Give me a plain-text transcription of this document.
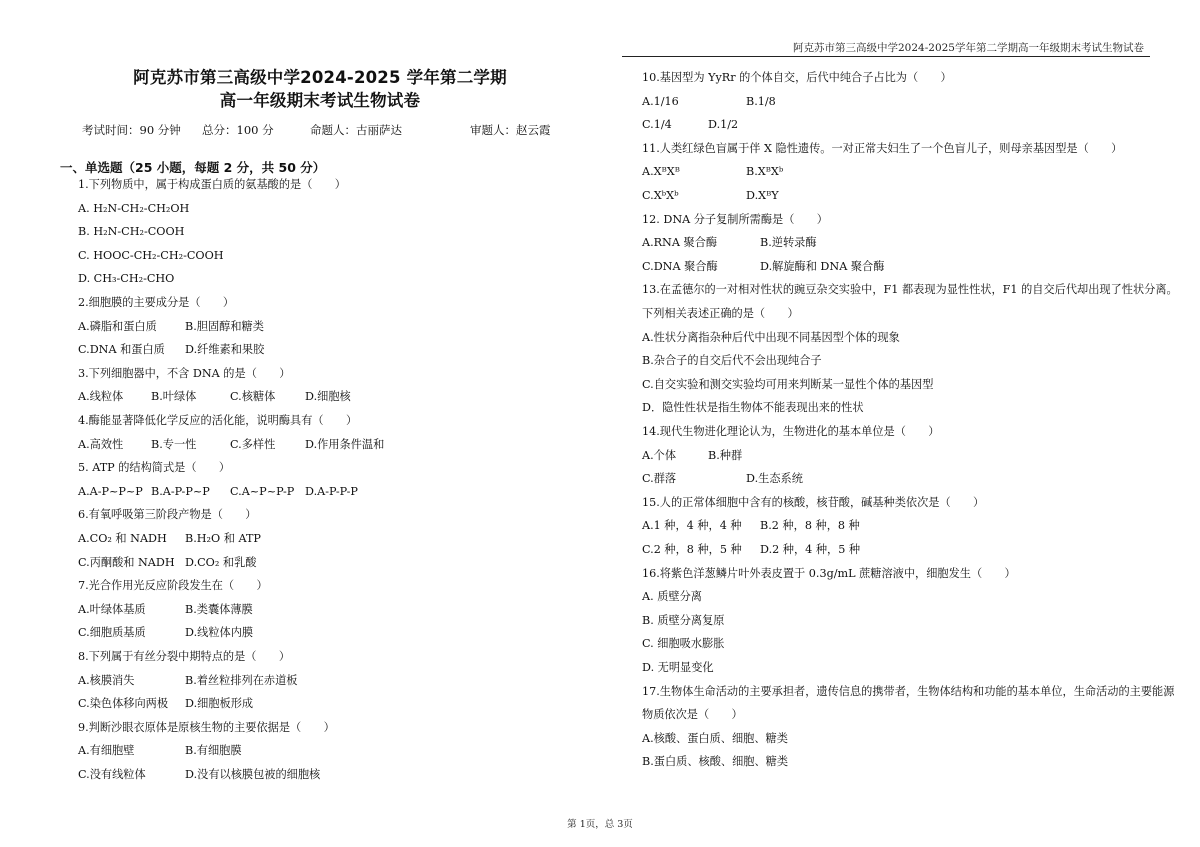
阿克苏市第三高级中学2024-2025学年第二学期高一年级期末考试生物试卷
阿克苏市第三高级中学2024-2025 学年第二学期
高一年级期末考试生物试卷
考试时间：90 分钟 总分：100 分	命题人：古丽萨达	审题人：赵云霞
一、单选题（25 小题，每题 2 分，共 50 分）
1.下列物质中，属于构成蛋白质的氨基酸的是（　　）
A. H₂N-CH₂-CH₂OH
B. H₂N-CH₂-COOH
C. HOOC-CH₂-CH₂-COOH
D. CH₃-CH₂-CHO
2.细胞膜的主要成分是（　　）
A.磷脂和蛋白质	B.胆固醇和糖类
C.DNA 和蛋白质 D.纤维素和果胶
3.下列细胞器中，不含 DNA 的是（　　）
A.线粒体 B.叶绿体	C.核糖体	D.细胞核
4.酶能显著降低化学反应的活化能，说明酶具有（　　）
A.高效性 B.专一性	C.多样性	D.作用条件温和
5. ATP 的结构简式是（　　）
A.A-P~P~P B.A-P-P~P C.A~P~P-P D.A-P-P-P
6.有氧呼吸第三阶段产物是（　　）
A.CO₂ 和 NADH B.H₂O 和 ATP
C.丙酮酸和 NADH D.CO₂ 和乳酸
7.光合作用光反应阶段发生在（　　）
A.叶绿体基质	B.类囊体薄膜
C.细胞质基质	D.线粒体内膜
8.下列属于有丝分裂中期特点的是（　　）
A.核膜消失	B.着丝粒排列在赤道板
C.染色体移向两极 D.细胞板形成
9.判断沙眼衣原体是原核生物的主要依据是（　　）
A.有细胞壁	B.有细胞膜
C.没有线粒体	D.没有以核膜包被的细胞核
10.基因型为 YyRr 的个体自交，后代中纯合子占比为（　　）
A.1/16	B.1/8
C.1/4	D.1/2
11.人类红绿色盲属于伴 X 隐性遗传。一对正常夫妇生了一个色盲儿子，则母亲基因型是（　　）
A.XᴮXᴮ	B.XᴮXᵇ
C.XᵇXᵇ	D.XᴮY
12. DNA 分子复制所需酶是（　　）
A.RNA 聚合酶	B.逆转录酶
C.DNA 聚合酶	D.解旋酶和 DNA 聚合酶
13.在孟德尔的一对相对性状的豌豆杂交实验中，F1 都表现为显性性状，F1 的自交后代却出现了性状分离。
下列相关表述正确的是（　　）
A.性状分离指杂种后代中出现不同基因型个体的现象
B.杂合子的自交后代不会出现纯合子
C.自交实验和测交实验均可用来判断某一显性个体的基因型
D．隐性性状是指生物体不能表现出来的性状
14.现代生物进化理论认为，生物进化的基本单位是（　　）
A.个体	B.种群
C.群落	D.生态系统
15.人的正常体细胞中含有的核酸，核苷酸，碱基种类依次是（　　）
A.1 种，4 种，4 种 B.2 种，8 种，8 种
C.2 种，8 种，5 种 D.2 种，4 种，5 种
16.将紫色洋葱鳞片叶外表皮置于 0.3g/mL 蔗糖溶液中，细胞发生（　　）
A. 质壁分离
B. 质壁分离复原
C. 细胞吸水膨胀
D. 无明显变化
17.生物体生命活动的主要承担者，遗传信息的携带者，生物体结构和功能的基本单位，生命活动的主要能源
物质依次是（　　）
A.核酸、蛋白质、细胞、糖类
B.蛋白质、核酸、细胞、糖类
第 1页，总 3页
